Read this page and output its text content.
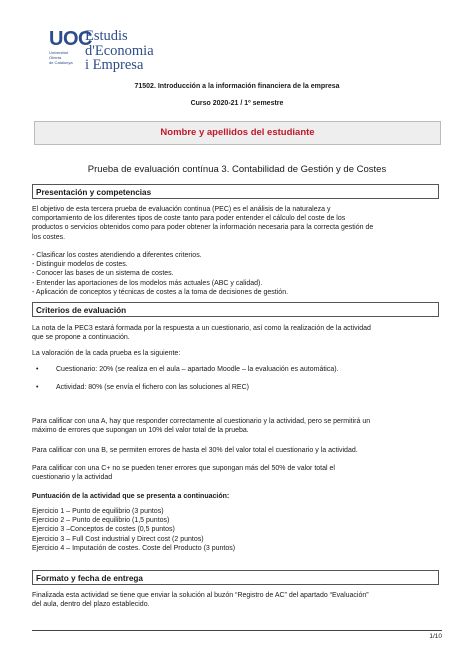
UOC
Universitat
Oberta
de Catalunya
Estudis
d'Economia
i Empresa
71502. Introducción a la información financiera de la empresa
Curso 2020-21 / 1º semestre
Nombre y apellidos del estudiante
Prueba de evaluación contínua 3. Contabilidad de Gestión y de Costes
Presentación y competencias
El objetivo de esta tercera prueba de evaluación continua (PEC) es el análisis de la naturaleza y
comportamiento de los diferentes tipos de coste tanto para poder entender el cálculo del coste de los
productos o servicios obtenidos como para poder obtener la información necesaria para la correcta gestión de
los costes.
- Clasificar los costes atendiendo a diferentes criterios.
- Distinguir modelos de costes.
- Conocer las bases de un sistema de costes.
- Entender las aportaciones de los modelos más actuales (ABC y calidad).
- Aplicación de conceptos y técnicas de costes a la toma de decisiones de gestión.
Criterios de evaluación
La nota de la PEC3 estará formada por la respuesta a un cuestionario, así como la realización de la actividad
que se propone a continuación.
La valoración de la cada prueba es la siguiente:
•	Cuestionario: 20% (se realiza en el aula – apartado Moodle – la evaluación es automática).
•	Actividad: 80% (se envía el fichero con las soluciones al REC)
Para calificar con una A, hay que responder correctamente al cuestionario y la actividad, pero se permitirá un
máximo de errores que supongan un 10% del valor total de la prueba.
Para calificar con una B, se permiten errores de hasta el 30% del valor total el cuestionario y la actividad.
Para calificar con una C+ no se pueden tener errores que supongan más del 50% de valor total el
cuestionario y la actividad
Puntuación de la actividad que se presenta a continuación:
Ejercicio 1 – Punto de equilibrio (3 puntos)
Ejercicio 2 – Punto de equilibrio (1,5 puntos)
Ejercicio 3 –Conceptos de costes (0,5 puntos)
Ejercicio 3 – Full Cost industrial y Direct cost (2 puntos)
Ejercicio 4 – Imputación de costes. Coste del Producto (3 puntos)
Formato y fecha de entrega
Finalizada esta actividad se tiene que enviar la solución al buzón “Registro de AC” del apartado “Evaluación”
del aula, dentro del plazo establecido.
1/10
